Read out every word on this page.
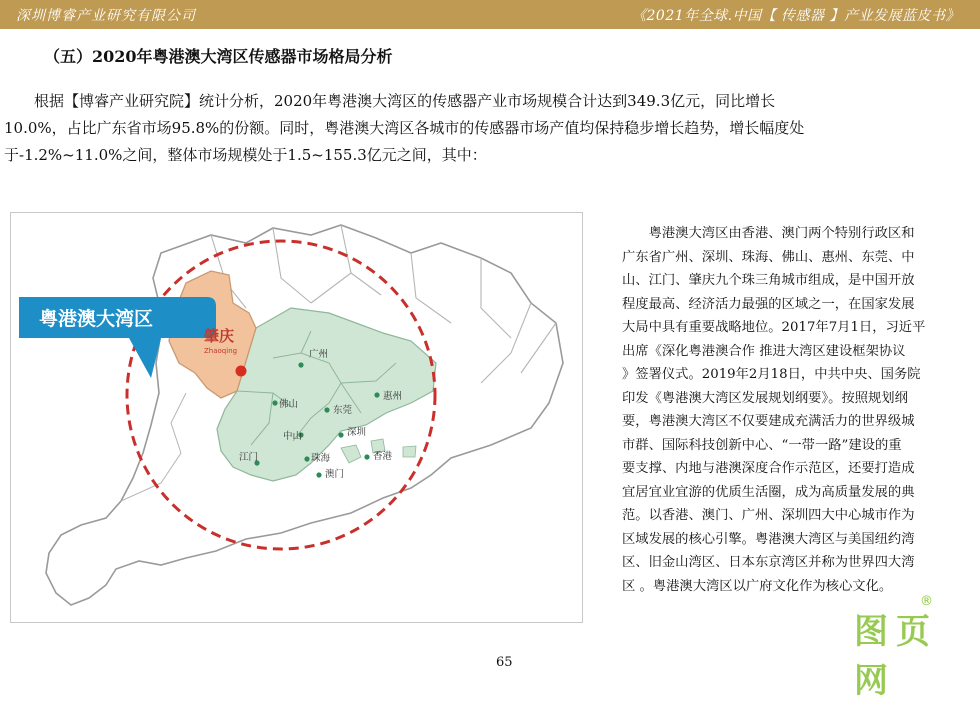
深圳博睿产业研究有限公司	《2021年全球.中国【 传感器 】产业发展蓝皮书》
（五）2020年粤港澳大湾区传感器市场格局分析

　　根据【博睿产业研究院】统计分析，2020年粤港澳大湾区的传感器产业市场规模合计达到349.3亿元，同比增长

10.0%，占比广东省市场95.8%的份额。同时，粤港澳大湾区各城市的传感器市场产值均保持稳步增长趋势，增长幅度处

于-1.2%~11.0%之间，整体市场规模处于1.5~155.3亿元之间，其中：

粤港澳大湾区
肇庆
Zhaoqing	广州
佛山
惠州
东莞
中山	深圳
江门	珠海	香港
澳门

　　粤港澳大湾区由香港、澳门两个特别行政区和

广东省广州、深圳、珠海、佛山、惠州、东莞、中

山、江门、肇庆九个珠三角城市组成，是中国开放

程度最高、经济活力最强的区域之一，在国家发展

大局中具有重要战略地位。2017年7月1日，习近平

出席《深化粤港澳合作 推进大湾区建设框架协议

》签署仪式。2019年2月18日，中共中央、国务院

印发《粤港澳大湾区发展规划纲要》。按照规划纲

要，粤港澳大湾区不仅要建成充满活力的世界级城

市群、国际科技创新中心、“一带一路”建设的重

要支撑、内地与港澳深度合作示范区，还要打造成

宜居宜业宜游的优质生活圈，成为高质量发展的典

范。以香港、澳门、广州、深圳四大中心城市作为

区域发展的核心引擎。粤港澳大湾区与美国纽约湾

区、旧金山湾区、日本东京湾区并称为世界四大湾

区 。粤港澳大湾区以广府文化作为核心文化。

65
图页网
®
